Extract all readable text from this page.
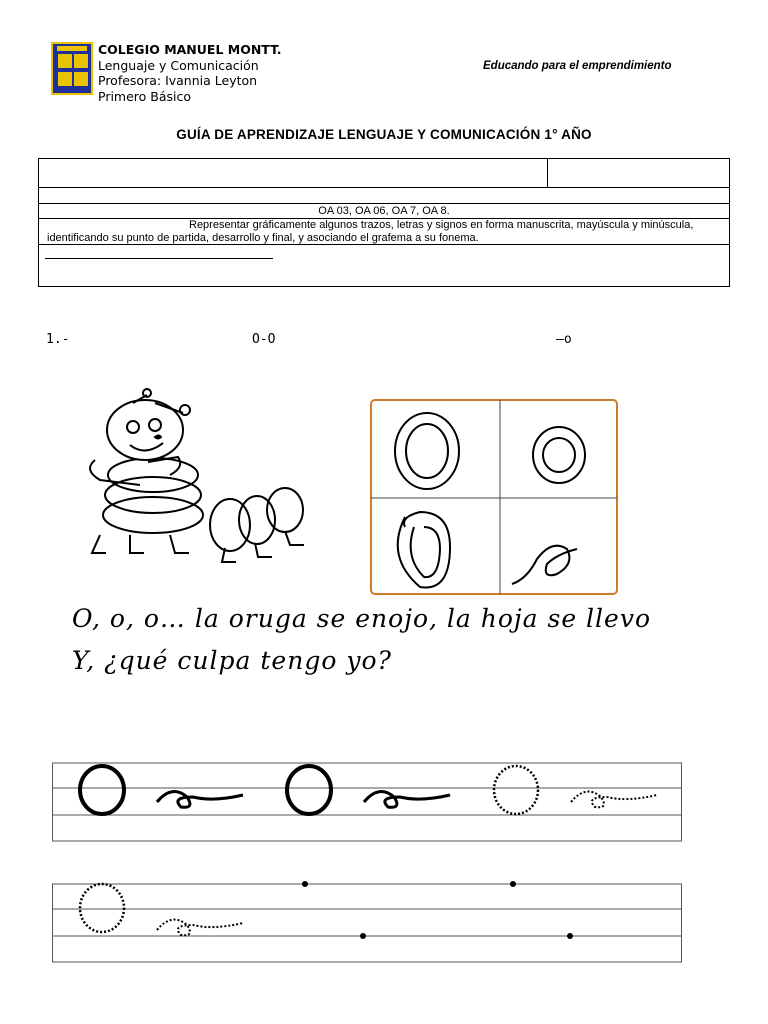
COLEGIO MANUEL MONTT.
Lenguaje y Comunicación
Profesora: Ivannia Leyton
Primero Básico
Educando para el emprendimiento
GUÍA DE APRENDIZAJE LENGUAJE Y COMUNICACIÓN 1° AÑO
OA 03, OA 06, OA 7, OA 8.
Representar gráficamente algunos trazos, letras y signos en forma manuscrita, mayúscula y minúscula, identificando su punto de partida, desarrollo y final, y asociando el grafema a su fonema.
1.-	O-O	–o
O, o, o… la oruga se enojo, la hoja se llevo
Y, ¿qué culpa tengo yo?
